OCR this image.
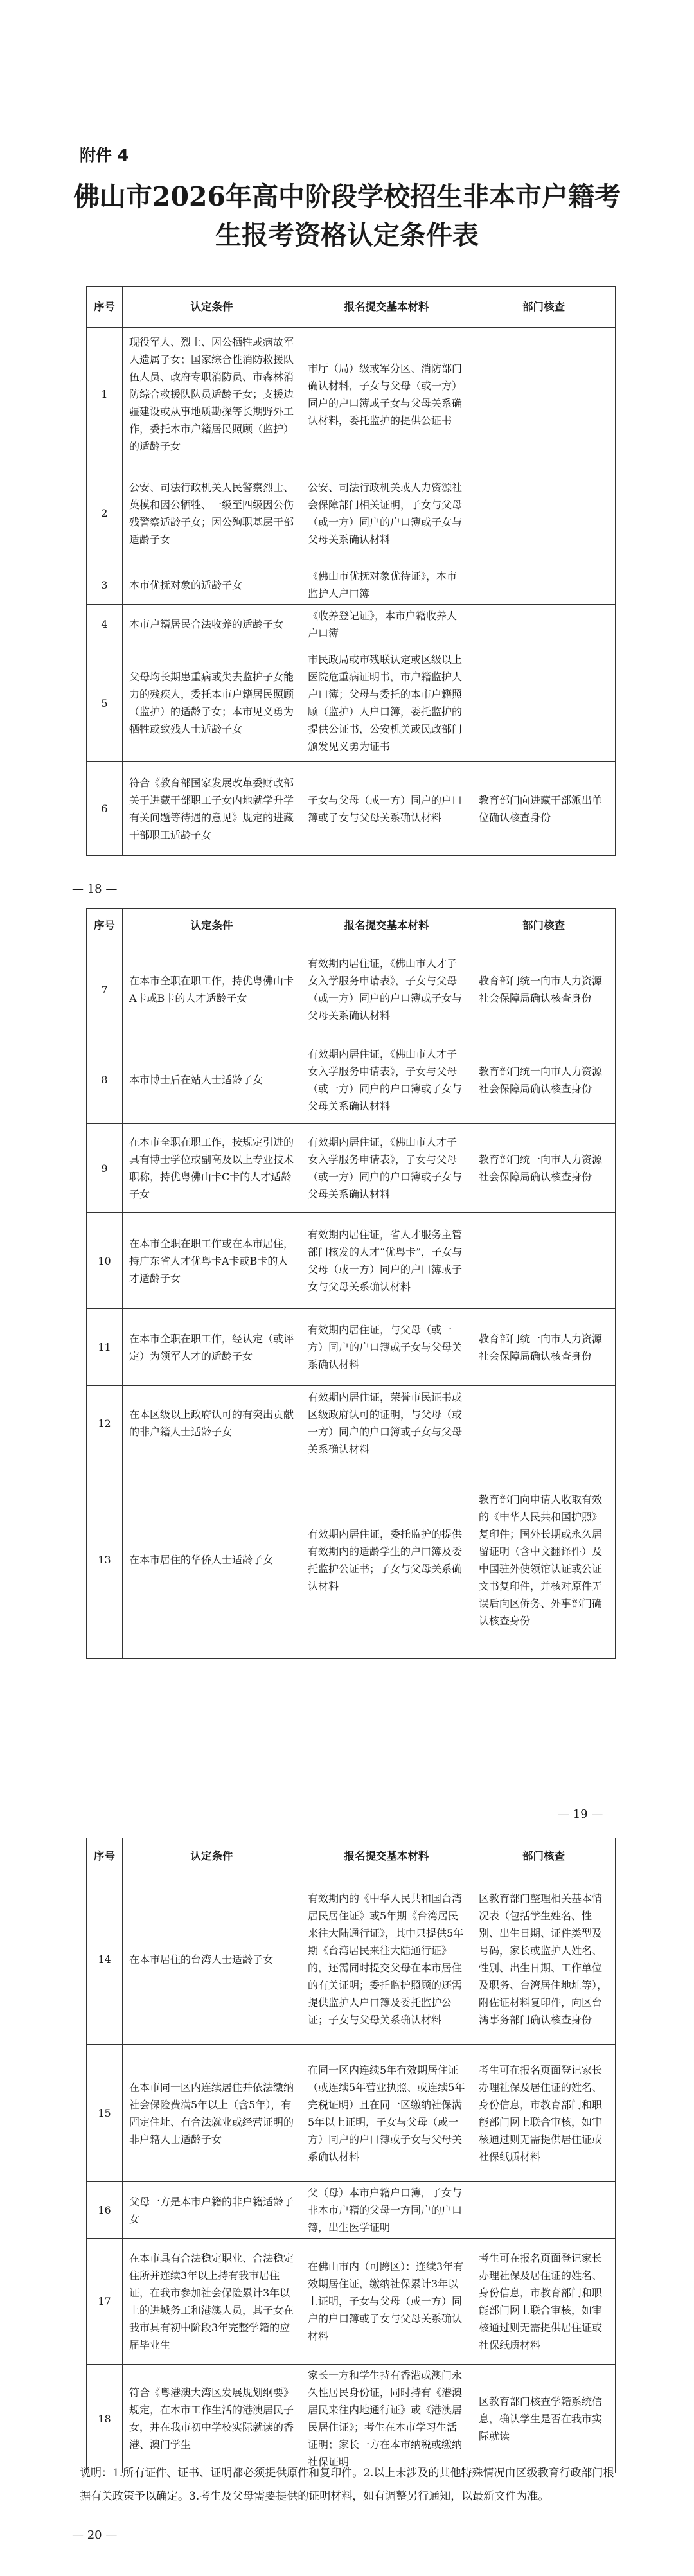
附件 4
佛山市2026年高中阶段学校招生非本市户籍考
生报考资格认定条件表
序号	认定条件	报名提交基本材料	部门核查
1	现役军人、烈士、因公牺牲或病故军人遗属子女；国家综合性消防救援队伍人员、政府专职消防员、市森林消防综合救援队队员适龄子女；支援边疆建设或从事地质勘探等长期野外工作，委托本市户籍居民照顾（监护）的适龄子女	市厅（局）级或军分区、消防部门确认材料，子女与父母（或一方）同户的户口簿或子女与父母关系确认材料，委托监护的提供公证书	
2	公安、司法行政机关人民警察烈士、英模和因公牺牲、一级至四级因公伤残警察适龄子女；因公殉职基层干部适龄子女	公安、司法行政机关或人力资源社会保障部门相关证明，子女与父母（或一方）同户的户口簿或子女与父母关系确认材料	
3	本市优抚对象的适龄子女	《佛山市优抚对象优待证》，本市监护人户口簿	
4	本市户籍居民合法收养的适龄子女	《收养登记证》，本市户籍收养人户口簿	
5	父母均长期患重病或失去监护子女能力的残疾人，委托本市户籍居民照顾（监护）的适龄子女；本市见义勇为牺牲或致残人士适龄子女	市民政局或市残联认定或区级以上医院危重病证明书，市户籍监护人户口簿；父母与委托的本市户籍照顾（监护）人户口簿，委托监护的提供公证书，公安机关或民政部门颁发见义勇为证书	
6	符合《教育部国家发展改革委财政部关于进藏干部职工子女内地就学升学有关问题等待遇的意见》规定的进藏干部职工适龄子女	子女与父母（或一方）同户的户口簿或子女与父母关系确认材料	教育部门向进藏干部派出单位确认核查身份
— 18 —
序号	认定条件	报名提交基本材料	部门核查
7	在本市全职在职工作，持优粤佛山卡A卡或B卡的人才适龄子女	有效期内居住证，《佛山市人才子女入学服务申请表》，子女与父母（或一方）同户的户口簿或子女与父母关系确认材料	教育部门统一向市人力资源社会保障局确认核查身份
8	本市博士后在站人士适龄子女	有效期内居住证，《佛山市人才子女入学服务申请表》，子女与父母（或一方）同户的户口簿或子女与父母关系确认材料	教育部门统一向市人力资源社会保障局确认核查身份
9	在本市全职在职工作，按规定引进的具有博士学位或副高及以上专业技术职称，持优粤佛山卡C卡的人才适龄子女	有效期内居住证，《佛山市人才子女入学服务申请表》，子女与父母（或一方）同户的户口簿或子女与父母关系确认材料	教育部门统一向市人力资源社会保障局确认核查身份
10	在本市全职在职工作或在本市居住，持广东省人才优粤卡A卡或B卡的人才适龄子女	有效期内居住证，省人才服务主管部门核发的人才“优粤卡”，子女与父母（或一方）同户的户口簿或子女与父母关系确认材料	
11	在本市全职在职工作，经认定（或评定）为领军人才的适龄子女	有效期内居住证，与父母（或一方）同户的户口簿或子女与父母关系确认材料	教育部门统一向市人力资源社会保障局确认核查身份
12	在本区级以上政府认可的有突出贡献的非户籍人士适龄子女	有效期内居住证，荣誉市民证书或区级政府认可的证明，与父母（或一方）同户的户口簿或子女与父母关系确认材料	
13	在本市居住的华侨人士适龄子女	有效期内居住证，委托监护的提供有效期内的适龄学生的户口簿及委托监护公证书；子女与父母关系确认材料	教育部门向申请人收取有效的《中华人民共和国护照》复印件；国外长期或永久居留证明（含中文翻译件）及中国驻外使领馆认证或公证文书复印件，并核对原件无误后向区侨务、外事部门确认核查身份
— 19 —
序号	认定条件	报名提交基本材料	部门核查
14	在本市居住的台湾人士适龄子女	有效期内的《中华人民共和国台湾居民居住证》或5年期《台湾居民来往大陆通行证》，其中只提供5年期《台湾居民来往大陆通行证》的，还需同时提交父母在本市居住的有关证明；委托监护照顾的还需提供监护人户口簿及委托监护公证；子女与父母关系确认材料	区教育部门整理相关基本情况表（包括学生姓名、性别、出生日期、证件类型及号码，家长或监护人姓名、性别、出生日期、工作单位及职务、台湾居住地址等），附佐证材料复印件，向区台湾事务部门确认核查身份
15	在本市同一区内连续居住并依法缴纳社会保险费满5年以上（含5年），有固定住址、有合法就业或经营证明的非户籍人士适龄子女	在同一区内连续5年有效期居住证（或连续5年营业执照、或连续5年完税证明）且在同一区缴纳社保满5年以上证明，子女与父母（或一方）同户的户口簿或子女与父母关系确认材料	考生可在报名页面登记家长办理社保及居住证的姓名、身份信息，市教育部门和职能部门网上联合审核，如审核通过则无需提供居住证或社保纸质材料
16	父母一方是本市户籍的非户籍适龄子女	父（母）本市户籍户口簿，子女与非本市户籍的父母一方同户的户口簿，出生医学证明	
17	在本市具有合法稳定职业、合法稳定住所并连续3年以上持有我市居住证，在我市参加社会保险累计3年以上的进城务工和港澳人员，其子女在我市具有初中阶段3年完整学籍的应届毕业生	在佛山市内（可跨区）：连续3年有效期居住证，缴纳社保累计3年以上证明，子女与父母（或一方）同户的户口簿或子女与父母关系确认材料	考生可在报名页面登记家长办理社保及居住证的姓名、身份信息，市教育部门和职能部门网上联合审核，如审核通过则无需提供居住证或社保纸质材料
18	符合《粤港澳大湾区发展规划纲要》规定，在本市工作生活的港澳居民子女，并在我市初中学校实际就读的香港、澳门学生	家长一方和学生持有香港或澳门永久性居民身份证，同时持有《港澳居民来往内地通行证》或《港澳居民居住证》；考生在本市学习生活证明；家长一方在本市纳税或缴纳社保证明	区教育部门核查学籍系统信息，确认学生是否在我市实际就读
说明：1.所有证件、证书、证明都必须提供原件和复印件。2.以上未涉及的其他特殊情况由区级教育行政部门根据有关政策予以确定。3.考生及父母需要提供的证明材料，如有调整另行通知，以最新文件为准。
— 20 —
